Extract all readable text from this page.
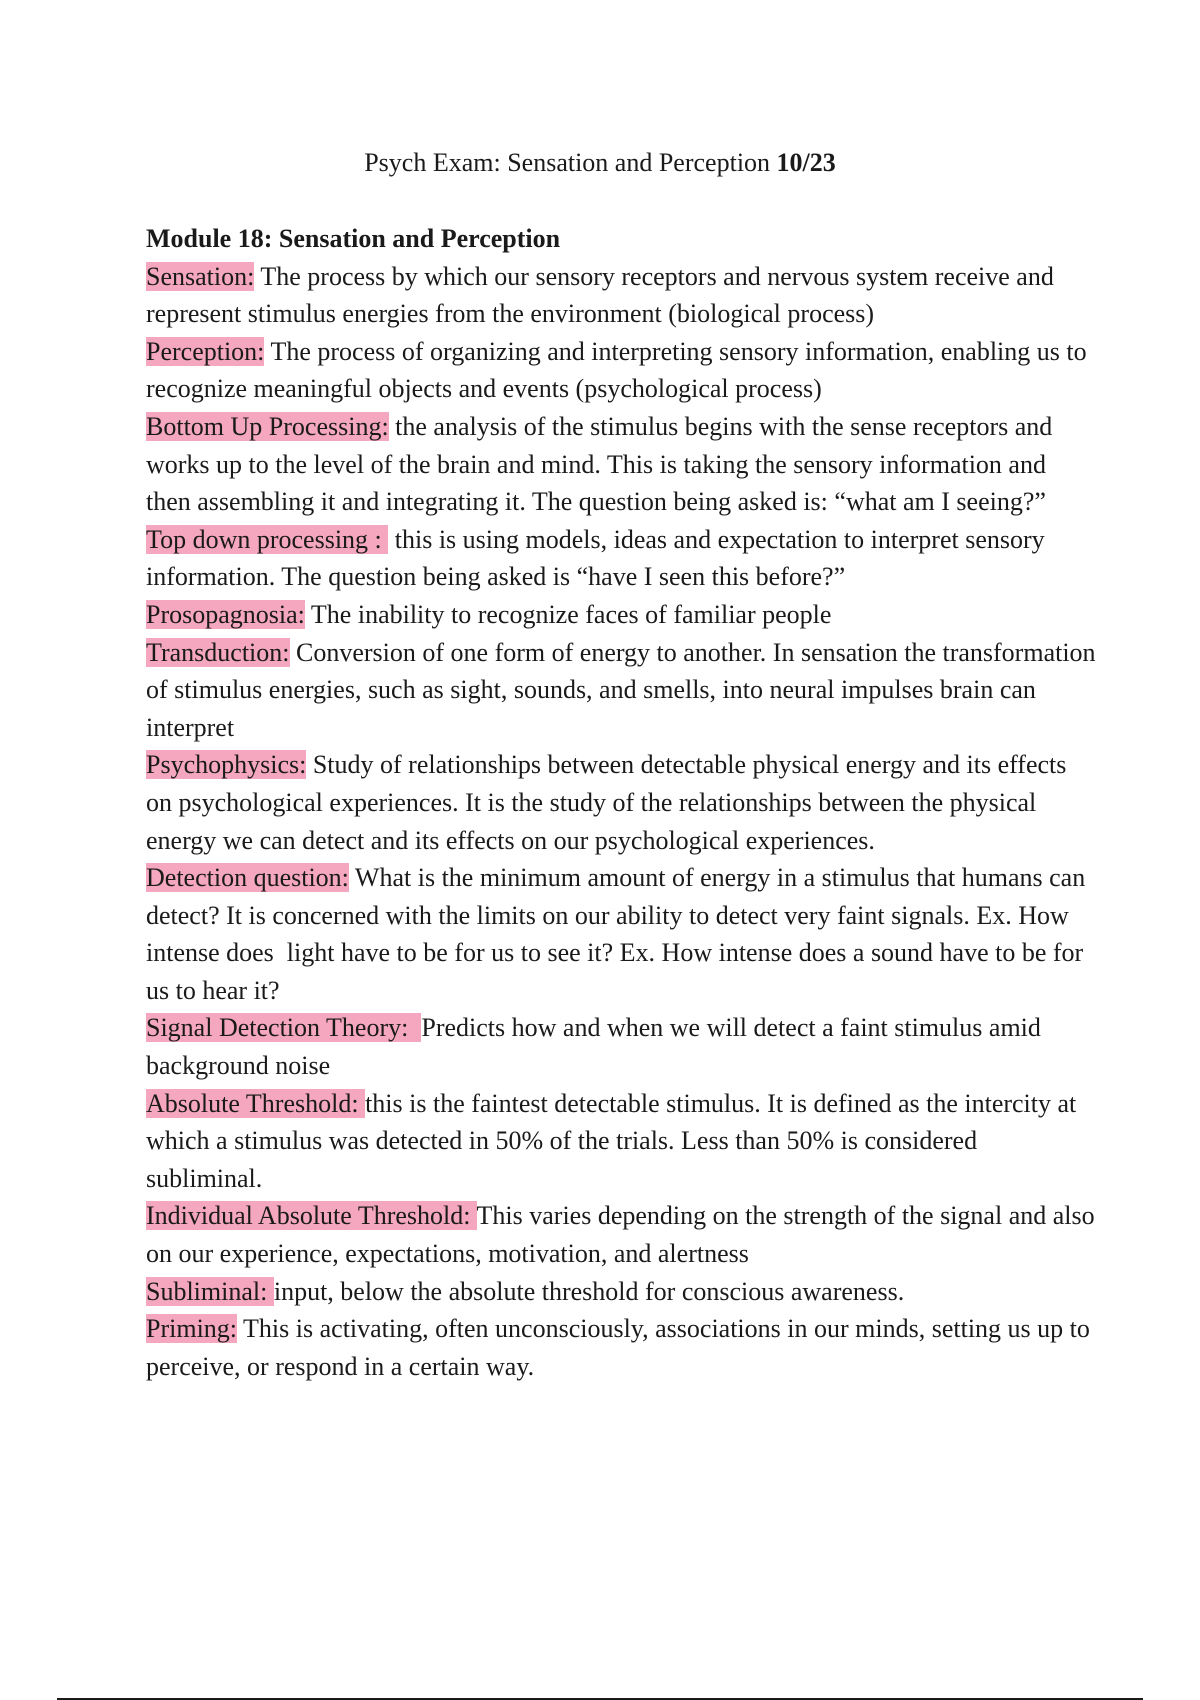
Psych Exam: Sensation and Perception 10/23

Module 18: Sensation and Perception

Sensation: The process by which our sensory receptors and nervous system receive and represent stimulus energies from the environment (biological process)

Perception: The process of organizing and interpreting sensory information, enabling us to recognize meaningful objects and events (psychological process)

Bottom Up Processing: the analysis of the stimulus begins with the sense receptors and works up to the level of the brain and mind. This is taking the sensory information and then assembling it and integrating it. The question being asked is: “what am I seeing?”

Top down processing :  this is using models, ideas and expectation to interpret sensory information. The question being asked is “have I seen this before?”

Prosopagnosia: The inability to recognize faces of familiar people

Transduction: Conversion of one form of energy to another. In sensation the transformation of stimulus energies, such as sight, sounds, and smells, into neural impulses brain can interpret

Psychophysics: Study of relationships between detectable physical energy and its effects on psychological experiences. It is the study of the relationships between the physical energy we can detect and its effects on our psychological experiences.

Detection question: What is the minimum amount of energy in a stimulus that humans can detect? It is concerned with the limits on our ability to detect very faint signals. Ex. How intense does  light have to be for us to see it? Ex. How intense does a sound have to be for us to hear it?

Signal Detection Theory:  Predicts how and when we will detect a faint stimulus amid background noise

Absolute Threshold: this is the faintest detectable stimulus. It is defined as the intercity at which a stimulus was detected in 50% of the trials. Less than 50% is considered subliminal.

Individual Absolute Threshold: This varies depending on the strength of the signal and also on our experience, expectations, motivation, and alertness

Subliminal: input, below the absolute threshold for conscious awareness.

Priming: This is activating, often unconsciously, associations in our minds, setting us up to perceive, or respond in a certain way.
